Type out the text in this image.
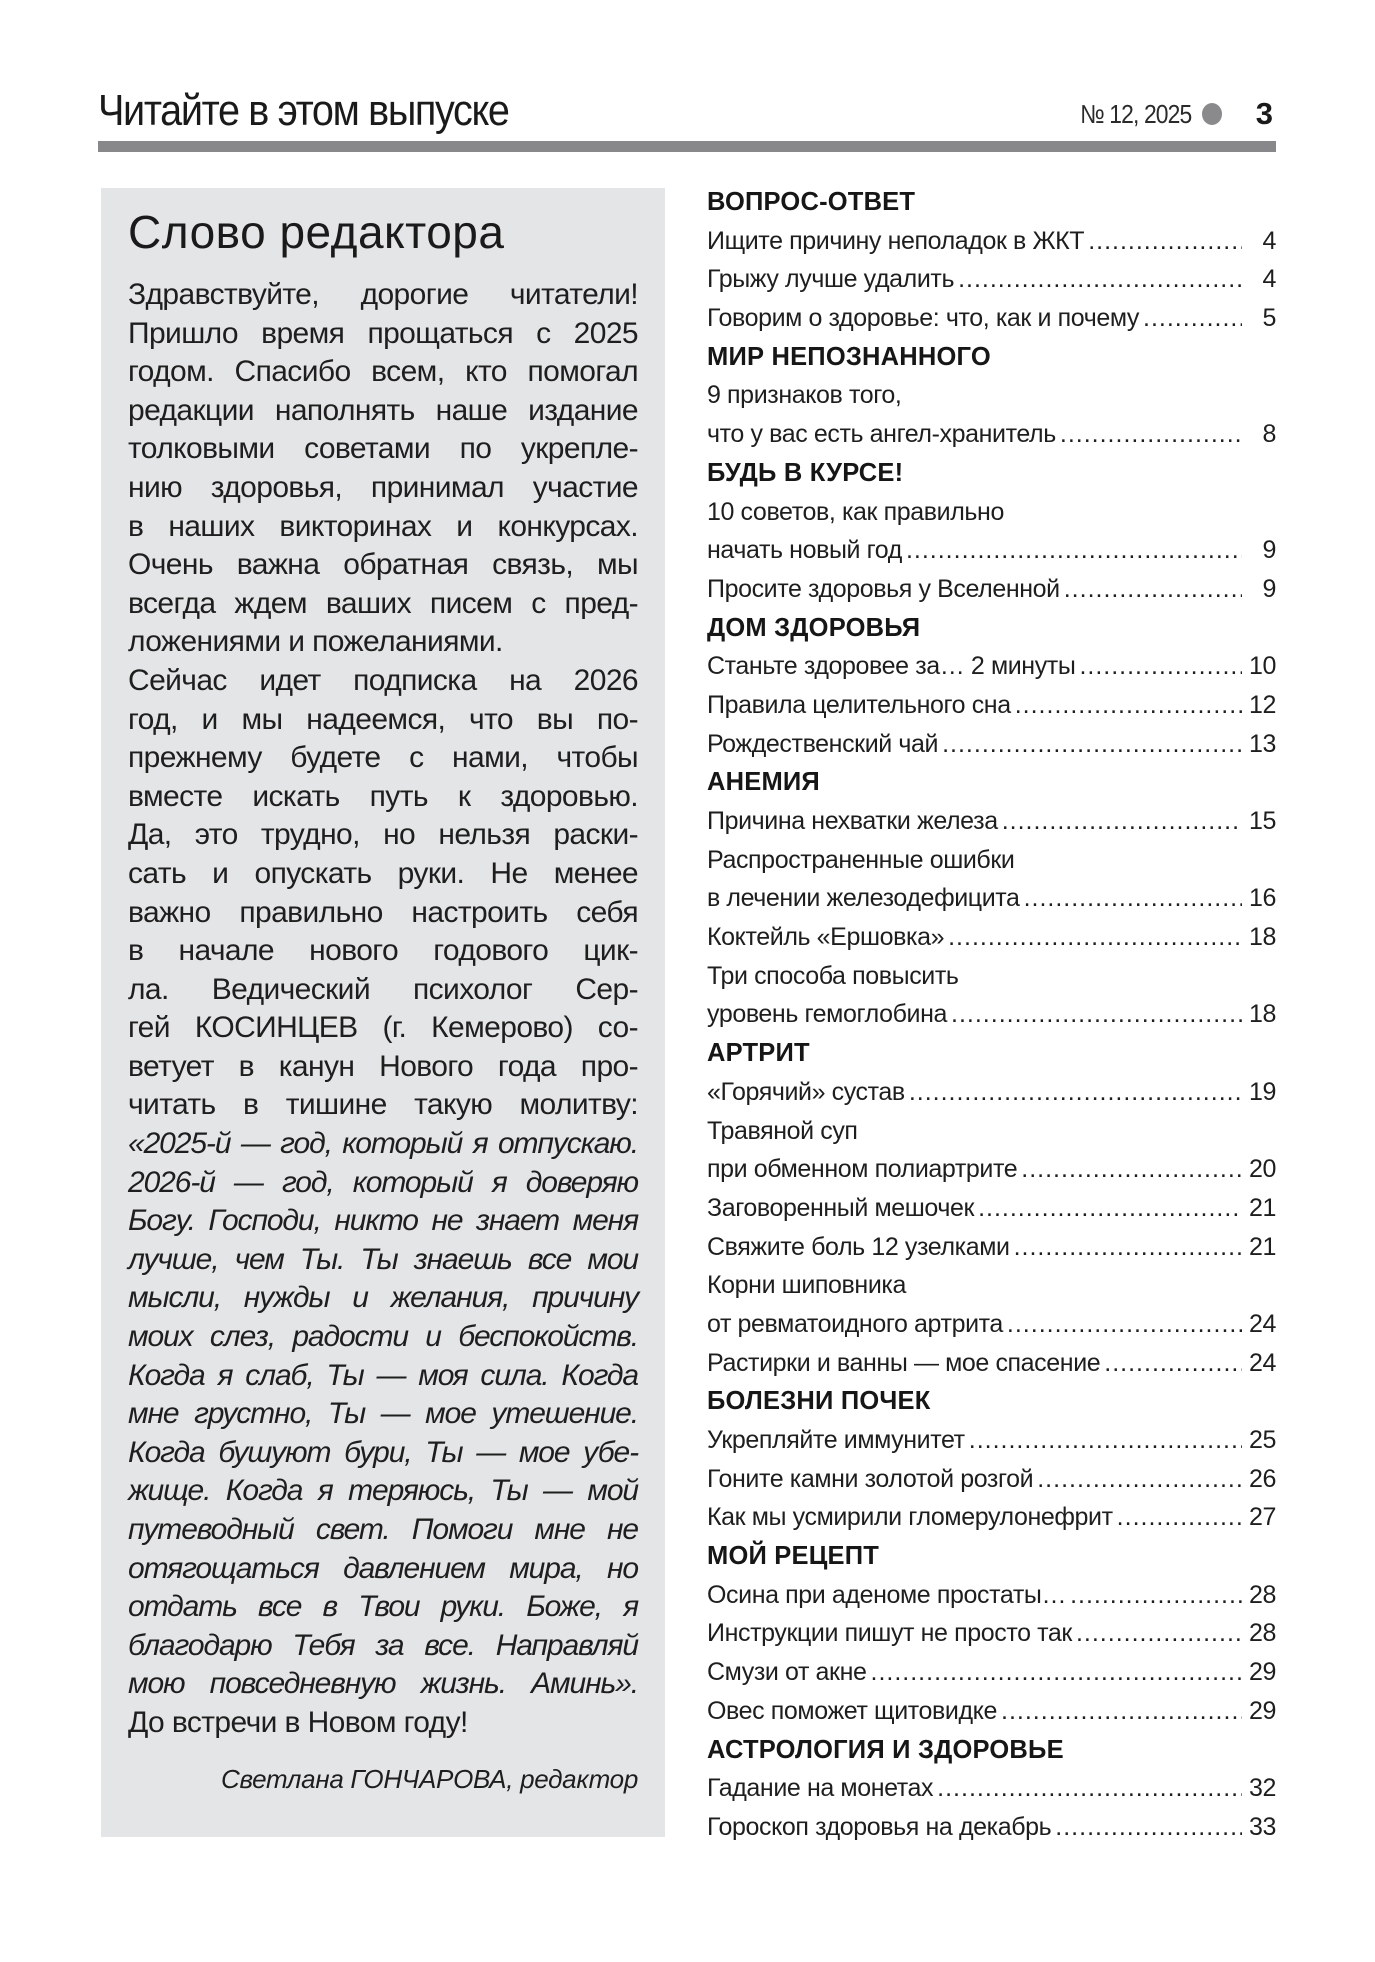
Читайте в этом выпуске	№ 12, 2025 3
Слово редактора
Здравствуйте, дорогие читатели!
Пришло время прощаться с 2025
годом. Спасибо всем, кто помогал
редакции наполнять наше издание
толковыми советами по укрепле-
нию здоровья, принимал участие
в наших викторинах и конкурсах.
Очень важна обратная связь, мы
всегда ждем ваших писем с пред-
ложениями и пожеланиями.
Сейчас идет подписка на 2026
год, и мы надеемся, что вы по-
прежнему будете с нами, чтобы
вместе искать путь к здоровью.
Да, это трудно, но нельзя раски-
сать и опускать руки. Не менее
важно правильно настроить себя
в начале нового годового цик-
ла. Ведический психолог Сер-
гей КОСИНЦЕВ (г. Кемерово) со-
ветует в канун Нового года про-
читать в тишине такую молитву:
«2025-й — год, который я отпускаю.
2026-й — год, который я доверяю
Богу. Господи, никто не знает меня
лучше, чем Ты. Ты знаешь все мои
мысли, нужды и желания, причину
моих слез, радости и беспокойств.
Когда я слаб, Ты — моя сила. Когда
мне грустно, Ты — мое утешение.
Когда бушуют бури, Ты — мое убе-
жище. Когда я теряюсь, Ты — мой
путеводный свет. Помоги мне не
отягощаться давлением мира, но
отдать все в Твои руки. Боже, я
благодарю Тебя за все. Направляй
мою повседневную жизнь. Аминь».
До встречи в Новом году!
Светлана ГОНЧАРОВА, редактор
ВОПРОС-ОТВЕТ
Ищите причину неполадок в ЖКТ .....	4
Грыжу лучше удалить .....	4
Говорим о здоровье: что, как и почему .....	5
МИР НЕПОЗНАННОГО
9 признаков того,
что у вас есть ангел-хранитель .....	8
БУДЬ В КУРСЕ!
10 советов, как правильно
начать новый год .....	9
Просите здоровья у Вселенной .....	9
ДОМ ЗДОРОВЬЯ
Станьте здоровее за… 2 минуты .....	10
Правила целительного сна .....	12
Рождественский чай .....	13
АНЕМИЯ
Причина нехватки железа .....	15
Распространенные ошибки
в лечении железодефицита .....	16
Коктейль «Ершовка» .....	18
Три способа повысить
уровень гемоглобина .....	18
АРТРИТ
«Горячий» сустав .....	19
Травяной суп
при обменном полиартрите .....	20
Заговоренный мешочек .....	21
Свяжите боль 12 узелками .....	21
Корни шиповника
от ревматоидного артрита .....	24
Растирки и ванны — мое спасение .....	24
БОЛЕЗНИ ПОЧЕК
Укрепляйте иммунитет .....	25
Гоните камни золотой розгой .....	26
Как мы усмирили гломерулонефрит .....	27
МОЙ РЕЦЕПТ
Осина при аденоме простаты… .....	28
Инструкции пишут не просто так .....	28
Смузи от акне .....	29
Овес поможет щитовидке .....	29
АСТРОЛОГИЯ И ЗДОРОВЬЕ
Гадание на монетах .....	32
Гороскоп здоровья на декабрь .....	33
